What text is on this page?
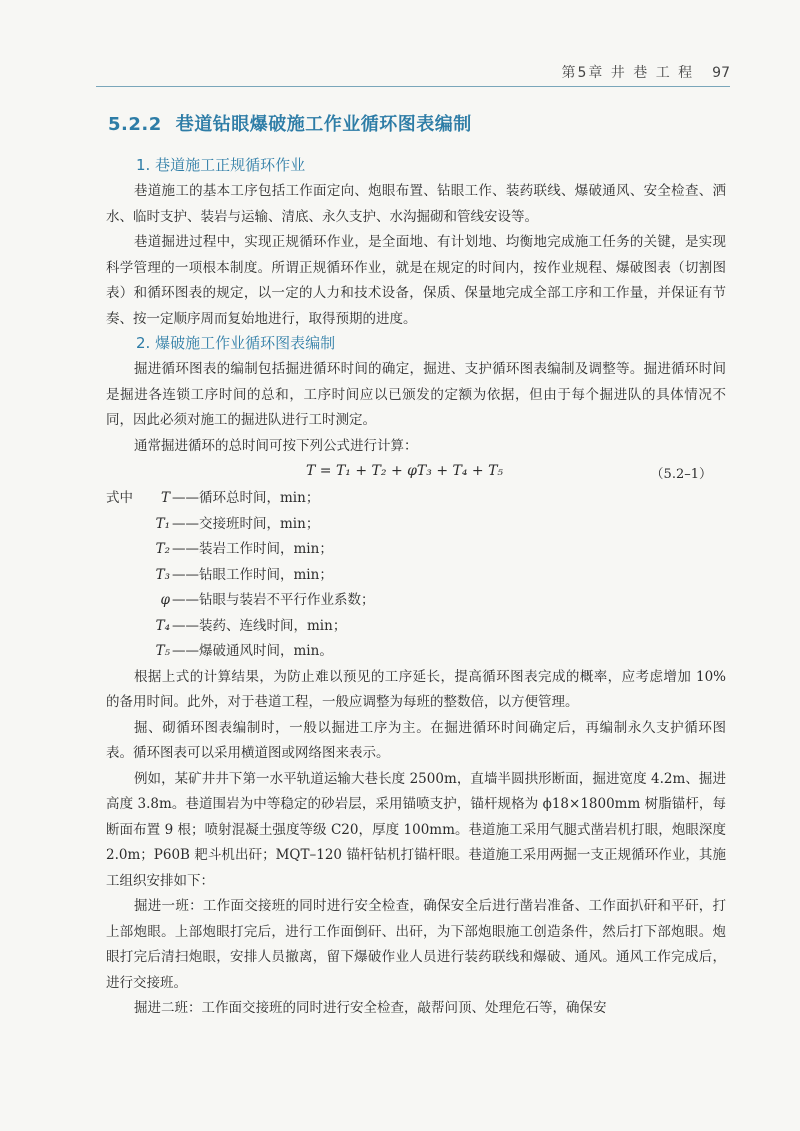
第5章 井 巷 工 程 97
5.2.2 巷道钻眼爆破施工作业循环图表编制
1. 巷道施工正规循环作业

巷道施工的基本工序包括工作面定向、炮眼布置、钻眼工作、装药联线、爆破通风、安全检查、洒水、临时支护、装岩与运输、清底、永久支护、水沟掘砌和管线安设等。

巷道掘进过程中，实现正规循环作业，是全面地、有计划地、均衡地完成施工任务的关键，是实现科学管理的一项根本制度。所谓正规循环作业，就是在规定的时间内，按作业规程、爆破图表（切割图表）和循环图表的规定，以一定的人力和技术设备，保质、保量地完成全部工序和工作量，并保证有节奏、按一定顺序周而复始地进行，取得预期的进度。

2. 爆破施工作业循环图表编制

掘进循环图表的编制包括掘进循环时间的确定，掘进、支护循环图表编制及调整等。掘进循环时间是掘进各连锁工序时间的总和，工序时间应以已颁发的定额为依据，但由于每个掘进队的具体情况不同，因此必须对施工的掘进队进行工时测定。

通常掘进循环的总时间可按下列公式进行计算：

T = T₁ + T₂ + φT₃ + T₄ + T₅	（5.2–1）
式中	T ——循环总时间，min；
T₁ ——交接班时间，min；
T₂ ——装岩工作时间，min；
T₃ ——钻眼工作时间，min；
φ ——钻眼与装岩不平行作业系数；
T₄ ——装药、连线时间，min；
T₅ ——爆破通风时间，min。

根据上式的计算结果，为防止难以预见的工序延长，提高循环图表完成的概率，应考虑增加 10% 的备用时间。此外，对于巷道工程，一般应调整为每班的整数倍，以方便管理。

掘、砌循环图表编制时，一般以掘进工序为主。在掘进循环时间确定后，再编制永久支护循环图表。循环图表可以采用横道图或网络图来表示。

例如，某矿井井下第一水平轨道运输大巷长度 2500m，直墙半圆拱形断面，掘进宽度 4.2m、掘进高度 3.8m。巷道围岩为中等稳定的砂岩层，采用锚喷支护，锚杆规格为 ϕ18×1800mm 树脂锚杆，每断面布置 9 根；喷射混凝土强度等级 C20，厚度 100mm。巷道施工采用气腿式凿岩机打眼，炮眼深度 2.0m；P60B 耙斗机出矸；MQT–120 锚杆钻机打锚杆眼。巷道施工采用两掘一支正规循环作业，其施工组织安排如下：

掘进一班：工作面交接班的同时进行安全检查，确保安全后进行凿岩准备、工作面扒矸和平矸，打上部炮眼。上部炮眼打完后，进行工作面倒矸、出矸，为下部炮眼施工创造条件，然后打下部炮眼。炮眼打完后清扫炮眼，安排人员撤离，留下爆破作业人员进行装药联线和爆破、通风。通风工作完成后，进行交接班。

掘进二班：工作面交接班的同时进行安全检查，敲帮问顶、处理危石等，确保安
